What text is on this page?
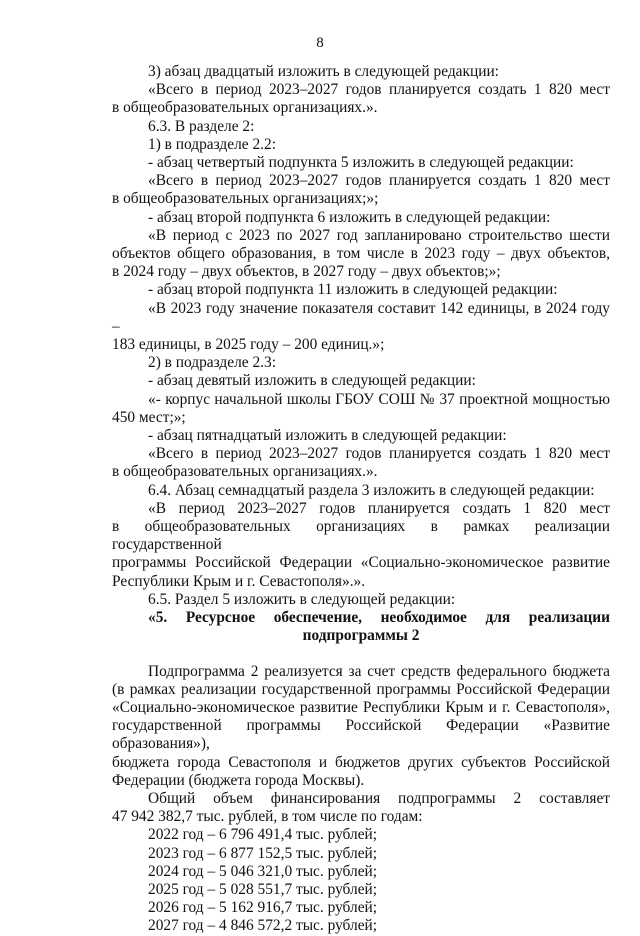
8

3) абзац двадцатый изложить в следующей редакции:

«Всего в период 2023–2027 годов планируется создать 1 820 мест

в общеобразовательных организациях.».

6.3. В разделе 2:

1) в подразделе 2.2:

- абзац четвертый подпункта 5 изложить в следующей редакции:

«Всего в период 2023–2027 годов планируется создать 1 820 мест

в общеобразовательных организациях;»;

- абзац второй подпункта 6 изложить в следующей редакции:

«В период с 2023 по 2027 год запланировано строительство шести

объектов общего образования, в том числе в 2023 году – двух объектов,

в 2024 году – двух объектов, в 2027 году – двух объектов;»;

- абзац второй подпункта 11 изложить в следующей редакции:

«В 2023 году значение показателя составит 142 единицы, в 2024 году –

183 единицы, в 2025 году – 200 единиц.»;

2) в подразделе 2.3:

- абзац девятый изложить в следующей редакции:

«- корпус начальной школы ГБОУ СОШ № 37 проектной мощностью

450 мест;»;

- абзац пятнадцатый изложить в следующей редакции:

«Всего в период 2023–2027 годов планируется создать 1 820 мест

в общеобразовательных организациях.».

6.4. Абзац семнадцатый раздела 3 изложить в следующей редакции:

«В период 2023–2027 годов планируется создать 1 820 мест

в общеобразовательных организациях в рамках реализации государственной

программы Российской Федерации «Социально-экономическое развитие

Республики Крым и г. Севастополя».».

6.5. Раздел 5 изложить в следующей редакции:

«5. Ресурсное обеспечение, необходимое для реализации

подпрограммы 2

Подпрограмма 2 реализуется за счет средств федерального бюджета

(в рамках реализации государственной программы Российской Федерации

«Социально-экономическое развитие Республики Крым и г. Севастополя»,

государственной программы Российской Федерации «Развитие образования»),

бюджета города Севастополя и бюджетов других субъектов Российской

Федерации (бюджета города Москвы).

Общий объем финансирования подпрограммы 2 составляет

47 942 382,7 тыс. рублей, в том числе по годам:

2022 год – 6 796 491,4 тыс. рублей;

2023 год – 6 877 152,5 тыс. рублей;

2024 год – 5 046 321,0 тыс. рублей;

2025 год – 5 028 551,7 тыс. рублей;

2026 год – 5 162 916,7 тыс. рублей;

2027 год – 4 846 572,2 тыс. рублей;
